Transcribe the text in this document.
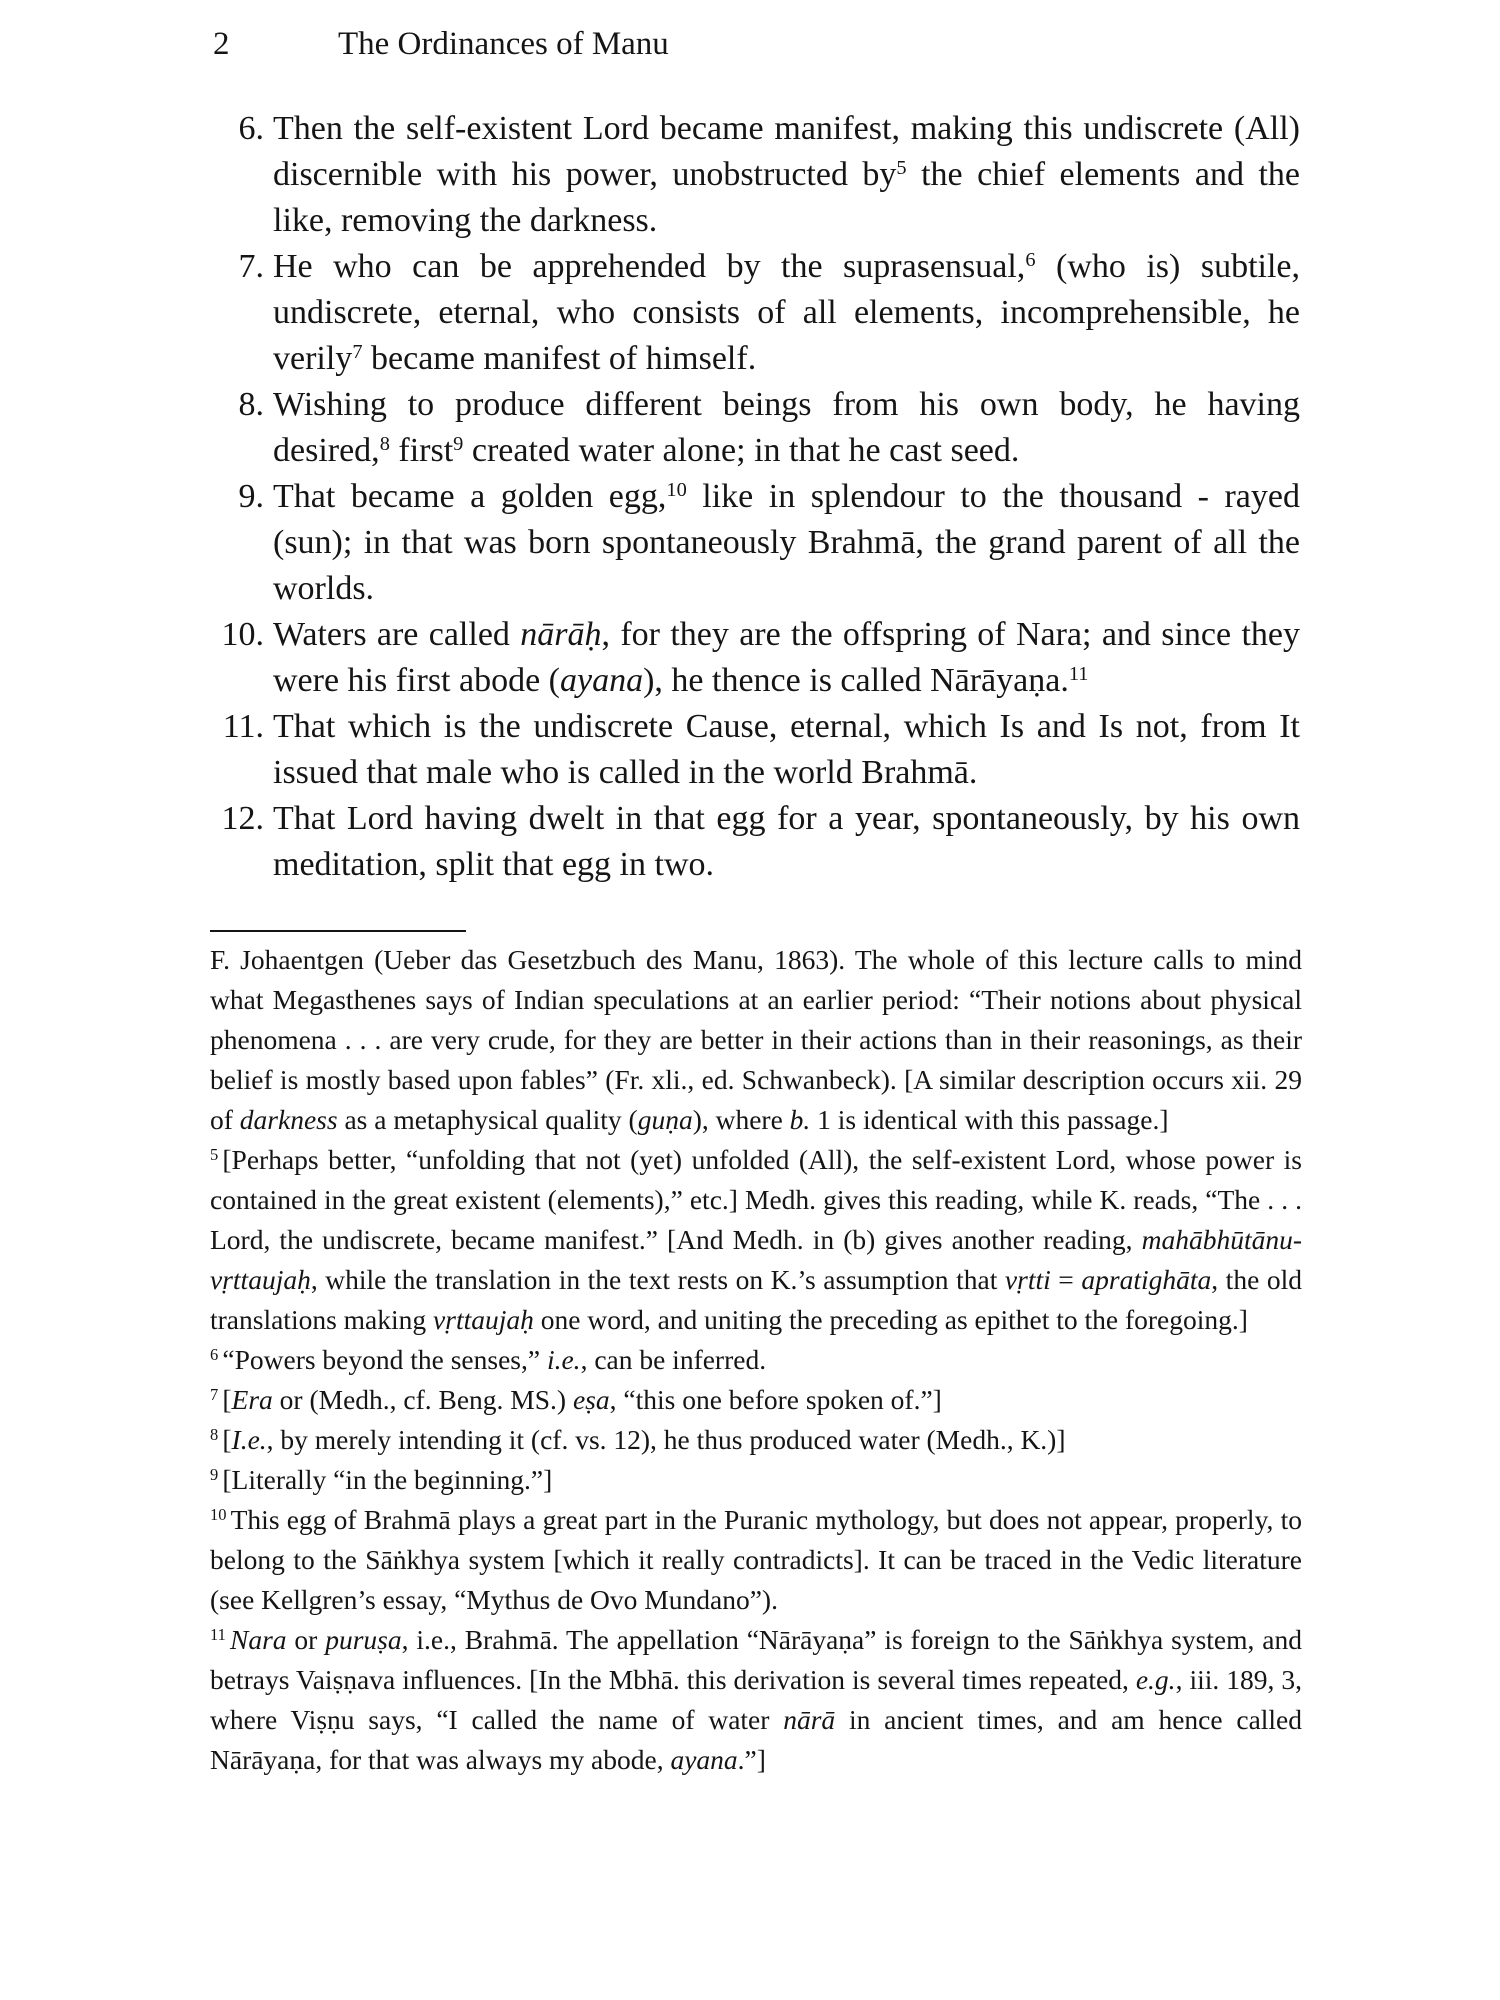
2	The Ordinances of Manu
6. Then the self-existent Lord became manifest, making this undiscrete (All) discernible with his power, unobstructed $by^5$ the chief elements and the like, removing the darkness.
7. He who can be apprehended by the suprasensual,$^6$ (who is) subtile, undiscrete, eternal, who consists of all elements, incomprehensible, he verily$^7$ became manifest of himself.
8. Wishing to produce different beings from his own body, he having desired,$^8$ first$^9$ created water alone; in that he cast seed.
9. That became a golden egg,$^{10}$ like in splendour to the thousand - rayed (sun); in that was born spontaneously Brahmā, the grand parent of all the worlds.
10. Waters are called nārāḥ, for they are the offspring of Nara; and since they were his first abode (ayana), he thence is called Nārāyaṇa.$^{11}$
11. That which is the undiscrete Cause, eternal, which Is and Is not, from It issued that male who is called in the world Brahmā.
12. That Lord having dwelt in that egg for a year, spontaneously, by his own meditation, split that egg in two.

F. Johaentgen (Ueber das Gesetzbuch des Manu, 1863). The whole of this lecture calls to mind what Megasthenes says of Indian speculations at an earlier period: “Their notions about physical phenomena . . . are very crude, for they are better in their actions than in their reasonings, as their belief is mostly based upon fables” (Fr. xli., ed. Schwanbeck). [A similar description occurs xii. 29 of darkness as a metaphysical quality (guṇa), where b. 1 is identical with this passage.]

$^5$ [Perhaps better, “unfolding that not (yet) unfolded (All), the self-existent Lord, whose power is contained in the great existent (elements),” etc.] Medh. gives this reading, while K. reads, “The . . . Lord, the undiscrete, became manifest.” [And Medh. in (b) gives another reading, mahābhūtānu-vṛttaujaḥ, while the translation in the text rests on K.’s assumption that vṛtti = apratighāta, the old translations making vṛttaujaḥ one word, and uniting the preceding as epithet to the foregoing.]

$^6$ “Powers beyond the senses,” i.e., can be inferred.

$^7$ [Era or (Medh., cf. Beng. MS.) eṣa, “this one before spoken of.”]

$^8$ [I.e., by merely intending it (cf. vs. 12), he thus produced water (Medh., K.)]

$^9$ [Literally “in the beginning.”]

$^{10}$ This egg of Brahmā plays a great part in the Puranic mythology, but does not appear, properly, to belong to the Sāṅkhya system [which it really contradicts]. It can be traced in the Vedic literature (see Kellgren’s essay, “Mythus de Ovo Mundano”).

$^{11}$ Nara or puruṣa, i.e., Brahmā. The appellation “Nārāyaṇa” is foreign to the Sāṅkhya system, and betrays Vaiṣṇava influences. [In the Mbhā. this derivation is several times repeated, e.g., iii. 189, 3, where Viṣṇu says, “I called the name of water nārā in ancient times, and am hence called Nārāyaṇa, for that was always my abode, ayana.”]
